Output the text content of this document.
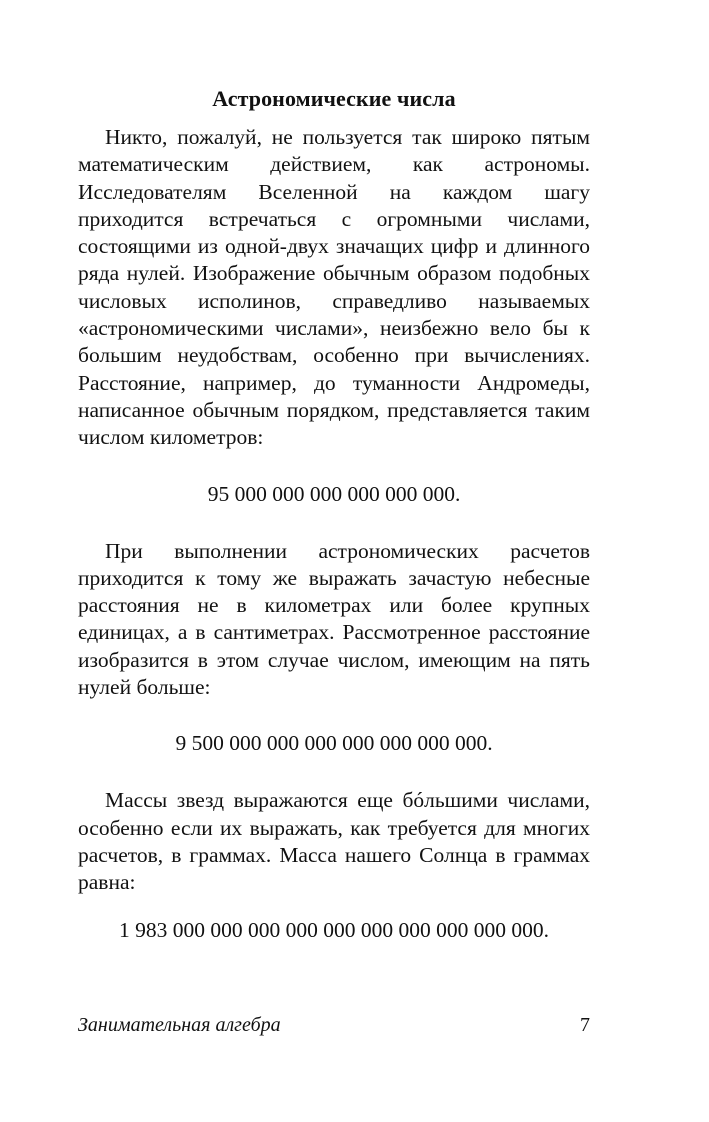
Астрономические числа

Никто, пожалуй, не пользуется так широко пятым математическим действием, как астрономы. Исследователям Вселенной на каждом шагу приходится встречаться с огромными числами, состоящими из одной-двух значащих цифр и длинного ряда нулей. Изображение обычным образом подобных числовых исполинов, справедливо называемых «астрономическими числами», неизбежно вело бы к большим неудобствам, особенно при вычислениях. Расстояние, например, до туманности Андромеды, написанное обычным порядком, представляется таким числом километров:

95 000 000 000 000 000 000.

При выполнении астрономических расчетов приходится к тому же выражать зачастую небесные расстояния не в километрах или более крупных единицах, а в сантиметрах. Рассмотренное расстояние изобразится в этом случае числом, имеющим на пять нулей больше:

9 500 000 000 000 000 000 000 000.

Массы звезд выражаются еще бóльшими числами, особенно если их выражать, как требуется для многих расчетов, в граммах. Масса нашего Солнца в граммах равна:

1 983 000 000 000 000 000 000 000 000 000 000.

Занимательная алгебра	7
